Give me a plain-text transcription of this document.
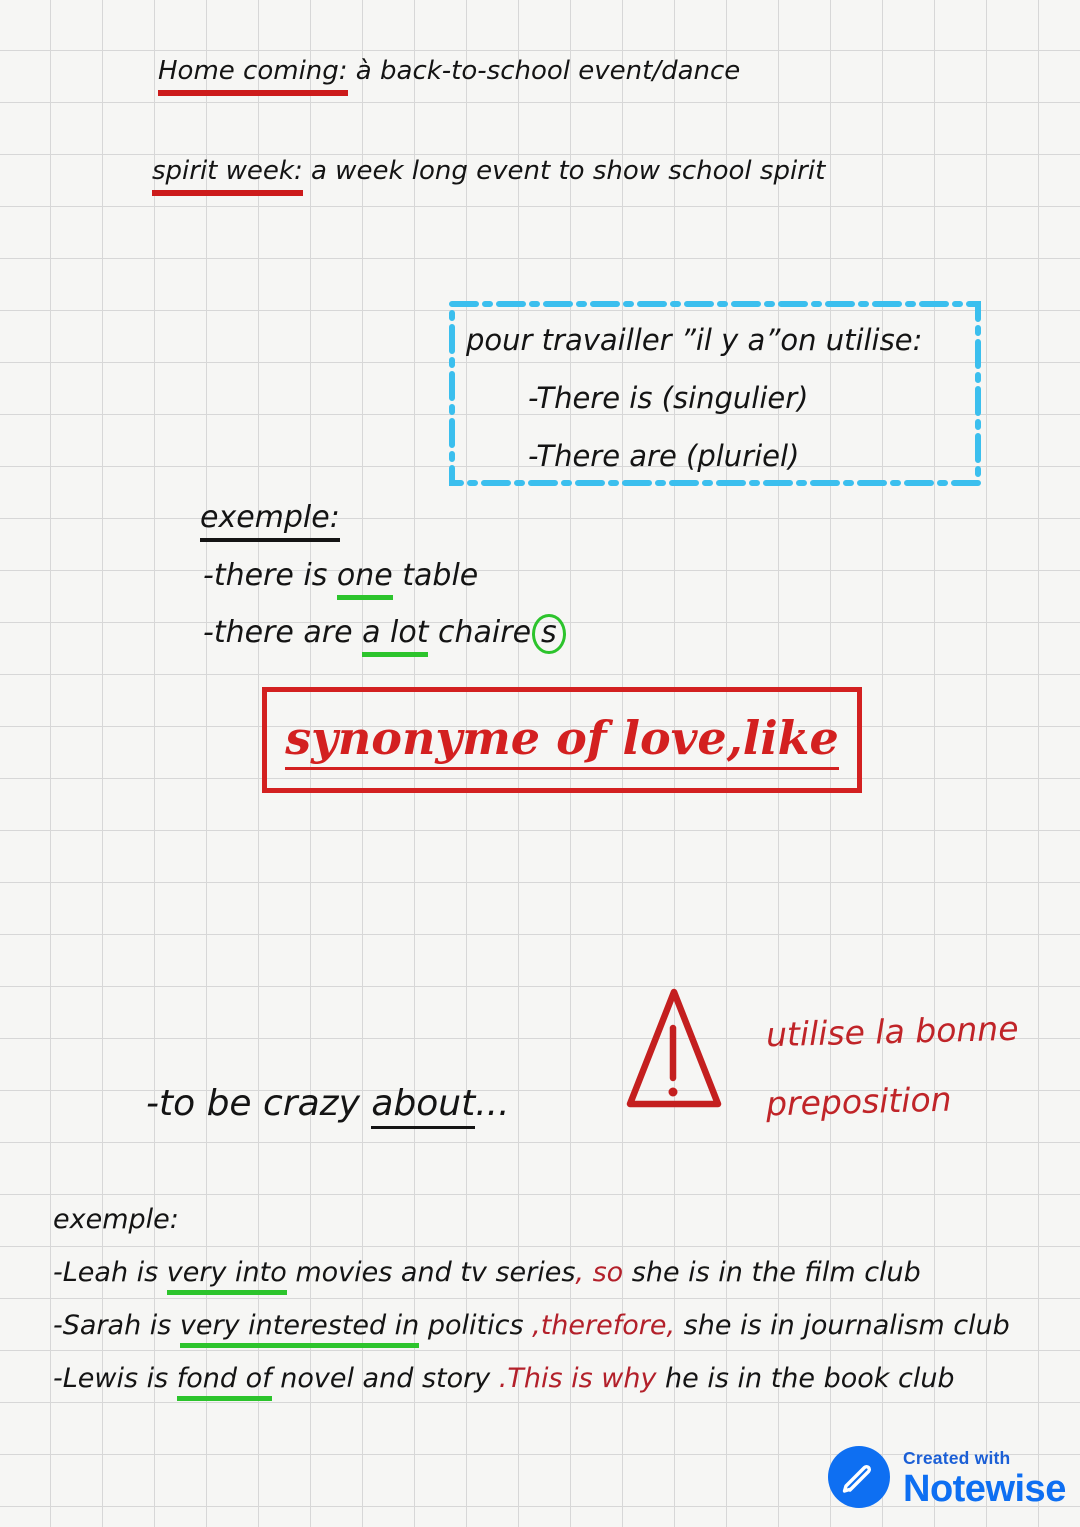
Home coming: à back-to-school event/dance
spirit week: a week long event to show school spirit
pour travailler ”il y a”on utilise:
-There is (singulier)
-There are (pluriel)
exemple:
-there is one table
-there are a lot chaire s
synonyme of love,like
utilise la bonne
preposition
-to be crazy about...
exemple:
-Leah is very into movies and tv series, so she is in the film club
-Sarah is very interested in politics ,therefore, she is in journalism club
-Lewis is fond of novel and story .This is why he is in the book club
Created with
Notewise
